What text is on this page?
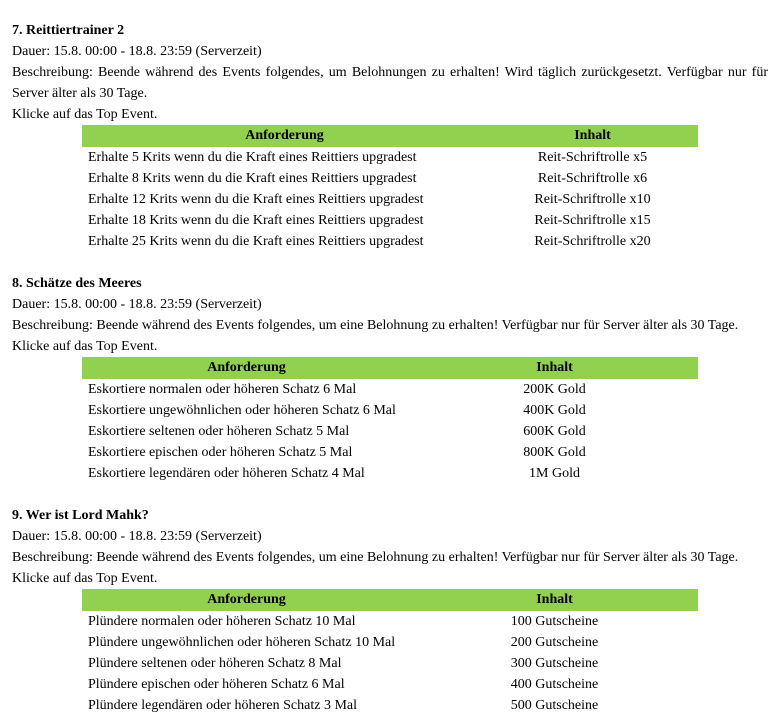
7. Reittiertrainer 2
Dauer: 15.8. 00:00 - 18.8. 23:59 (Serverzeit)
Beschreibung: Beende während des Events folgendes, um Belohnungen zu erhalten! Wird täglich zurückgesetzt. Verfügbar nur für Server älter als 30 Tage.
Klicke auf das Top Event.
Anforderung	Inhalt
Erhalte 5 Krits wenn du die Kraft eines Reittiers upgradest	Reit-Schriftrolle x5
Erhalte 8 Krits wenn du die Kraft eines Reittiers upgradest	Reit-Schriftrolle x6
Erhalte 12 Krits wenn du die Kraft eines Reittiers upgradest	Reit-Schriftrolle x10
Erhalte 18 Krits wenn du die Kraft eines Reittiers upgradest	Reit-Schriftrolle x15
Erhalte 25 Krits wenn du die Kraft eines Reittiers upgradest	Reit-Schriftrolle x20
8. Schätze des Meeres
Dauer: 15.8. 00:00 - 18.8. 23:59 (Serverzeit)
Beschreibung: Beende während des Events folgendes, um eine Belohnung zu erhalten! Verfügbar nur für Server älter als 30 Tage.
Klicke auf das Top Event.
Anforderung	Inhalt
Eskortiere normalen oder höheren Schatz 6 Mal	200K Gold
Eskortiere ungewöhnlichen oder höheren Schatz 6 Mal	400K Gold
Eskortiere seltenen oder höheren Schatz 5 Mal	600K Gold
Eskortiere epischen oder höheren Schatz 5 Mal	800K Gold
Eskortiere legendären oder höheren Schatz 4 Mal	1M Gold
9. Wer ist Lord Mahk?
Dauer: 15.8. 00:00 - 18.8. 23:59 (Serverzeit)
Beschreibung: Beende während des Events folgendes, um eine Belohnung zu erhalten! Verfügbar nur für Server älter als 30 Tage.
Klicke auf das Top Event.
Anforderung	Inhalt
Plündere normalen oder höheren Schatz 10 Mal	100 Gutscheine
Plündere ungewöhnlichen oder höheren Schatz 10 Mal	200 Gutscheine
Plündere seltenen oder höheren Schatz 8 Mal	300 Gutscheine
Plündere epischen oder höheren Schatz 6 Mal	400 Gutscheine
Plündere legendären oder höheren Schatz 3 Mal	500 Gutscheine
